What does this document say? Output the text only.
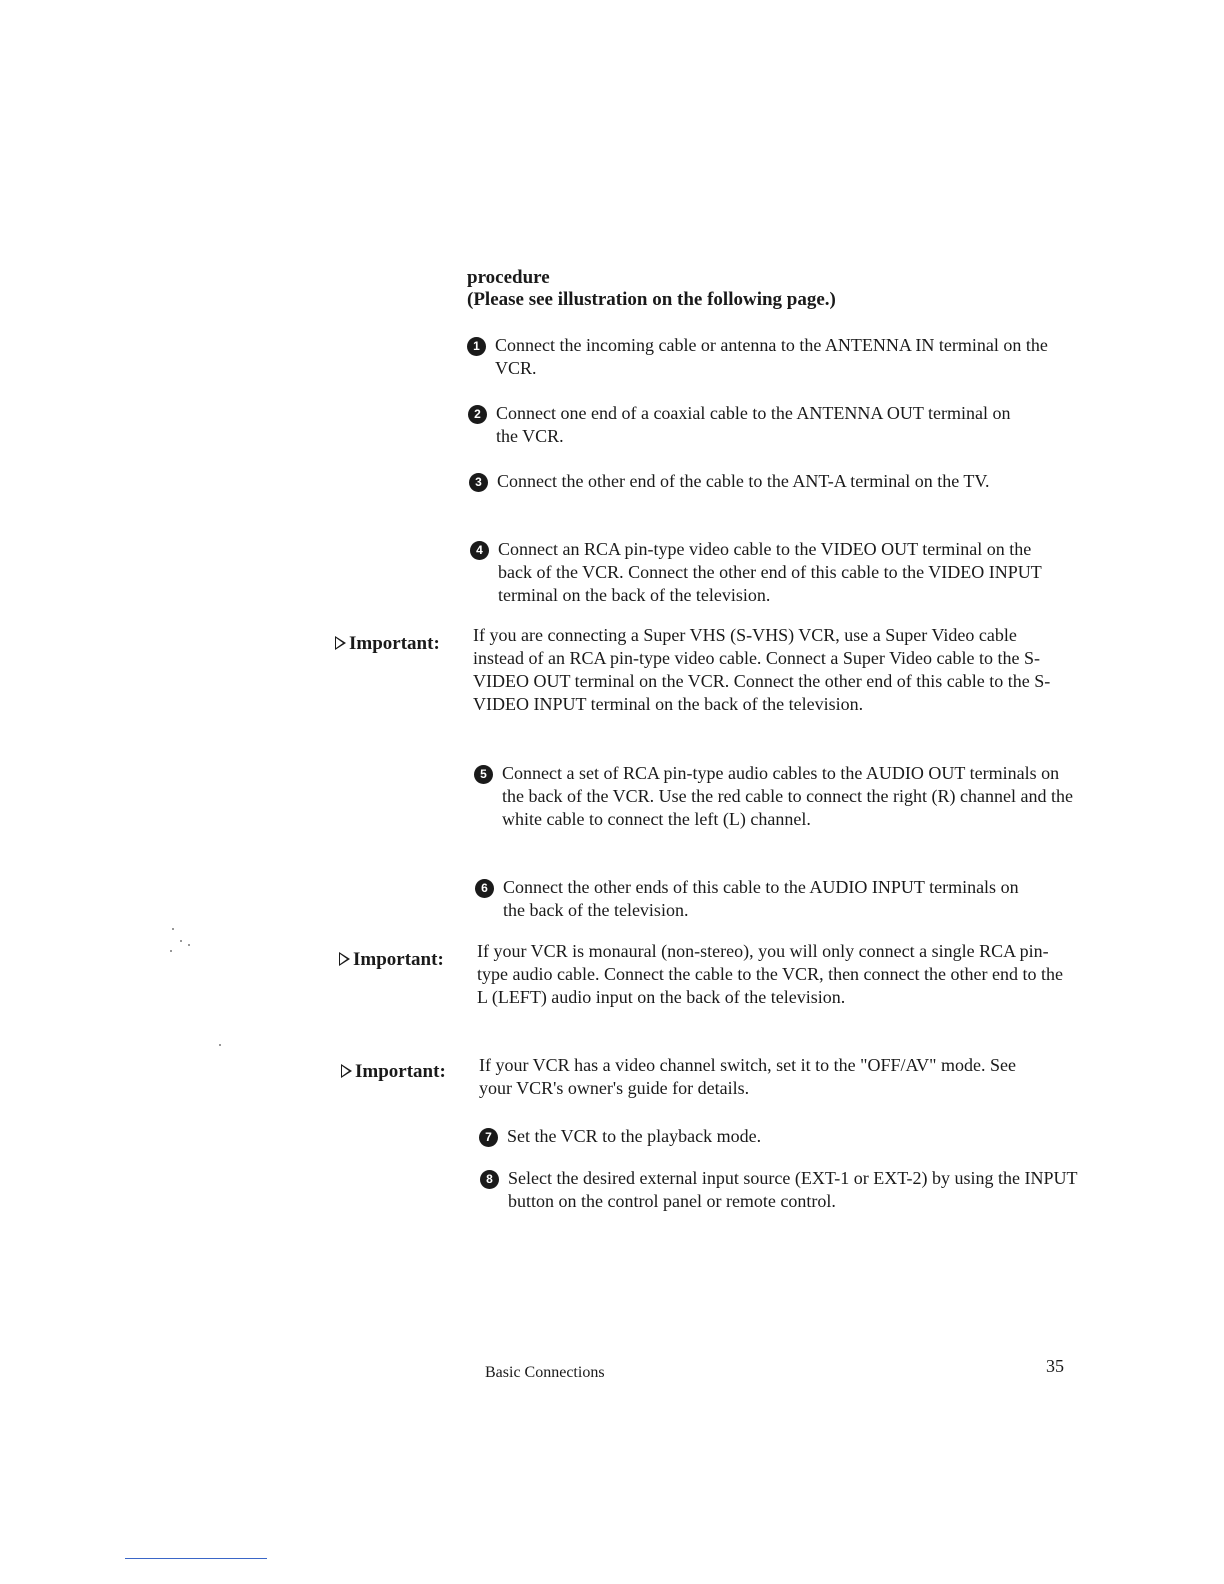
procedure
(Please see illustration on the following page.)
1 Connect the incoming cable or antenna to the ANTENNA IN terminal on the VCR.
2 Connect one end of a coaxial cable to the ANTENNA OUT terminal on the VCR.
3 Connect the other end of the cable to the ANT-A terminal on the TV.
4 Connect an RCA pin-type video cable to the VIDEO OUT terminal on the back of the VCR. Connect the other end of this cable to the VIDEO INPUT terminal on the back of the television.
Important:	If you are connecting a Super VHS (S-VHS) VCR, use a Super Video cable instead of an RCA pin-type video cable. Connect a Super Video cable to the S-VIDEO OUT terminal on the VCR. Connect the other end of this cable to the S-VIDEO INPUT terminal on the back of the television.
5 Connect a set of RCA pin-type audio cables to the AUDIO OUT terminals on the back of the VCR. Use the red cable to connect the right (R) channel and the white cable to connect the left (L) channel.
6 Connect the other ends of this cable to the AUDIO INPUT terminals on the back of the television.
Important:	If your VCR is monaural (non-stereo), you will only connect a single RCA pin-type audio cable. Connect the cable to the VCR, then connect the other end to the L (LEFT) audio input on the back of the television.
Important:	If your VCR has a video channel switch, set it to the "OFF/AV" mode. See your VCR's owner's guide for details.
7 Set the VCR to the playback mode.
8 Select the desired external input source (EXT-1 or EXT-2) by using the INPUT button on the control panel or remote control.
Basic Connections	35
